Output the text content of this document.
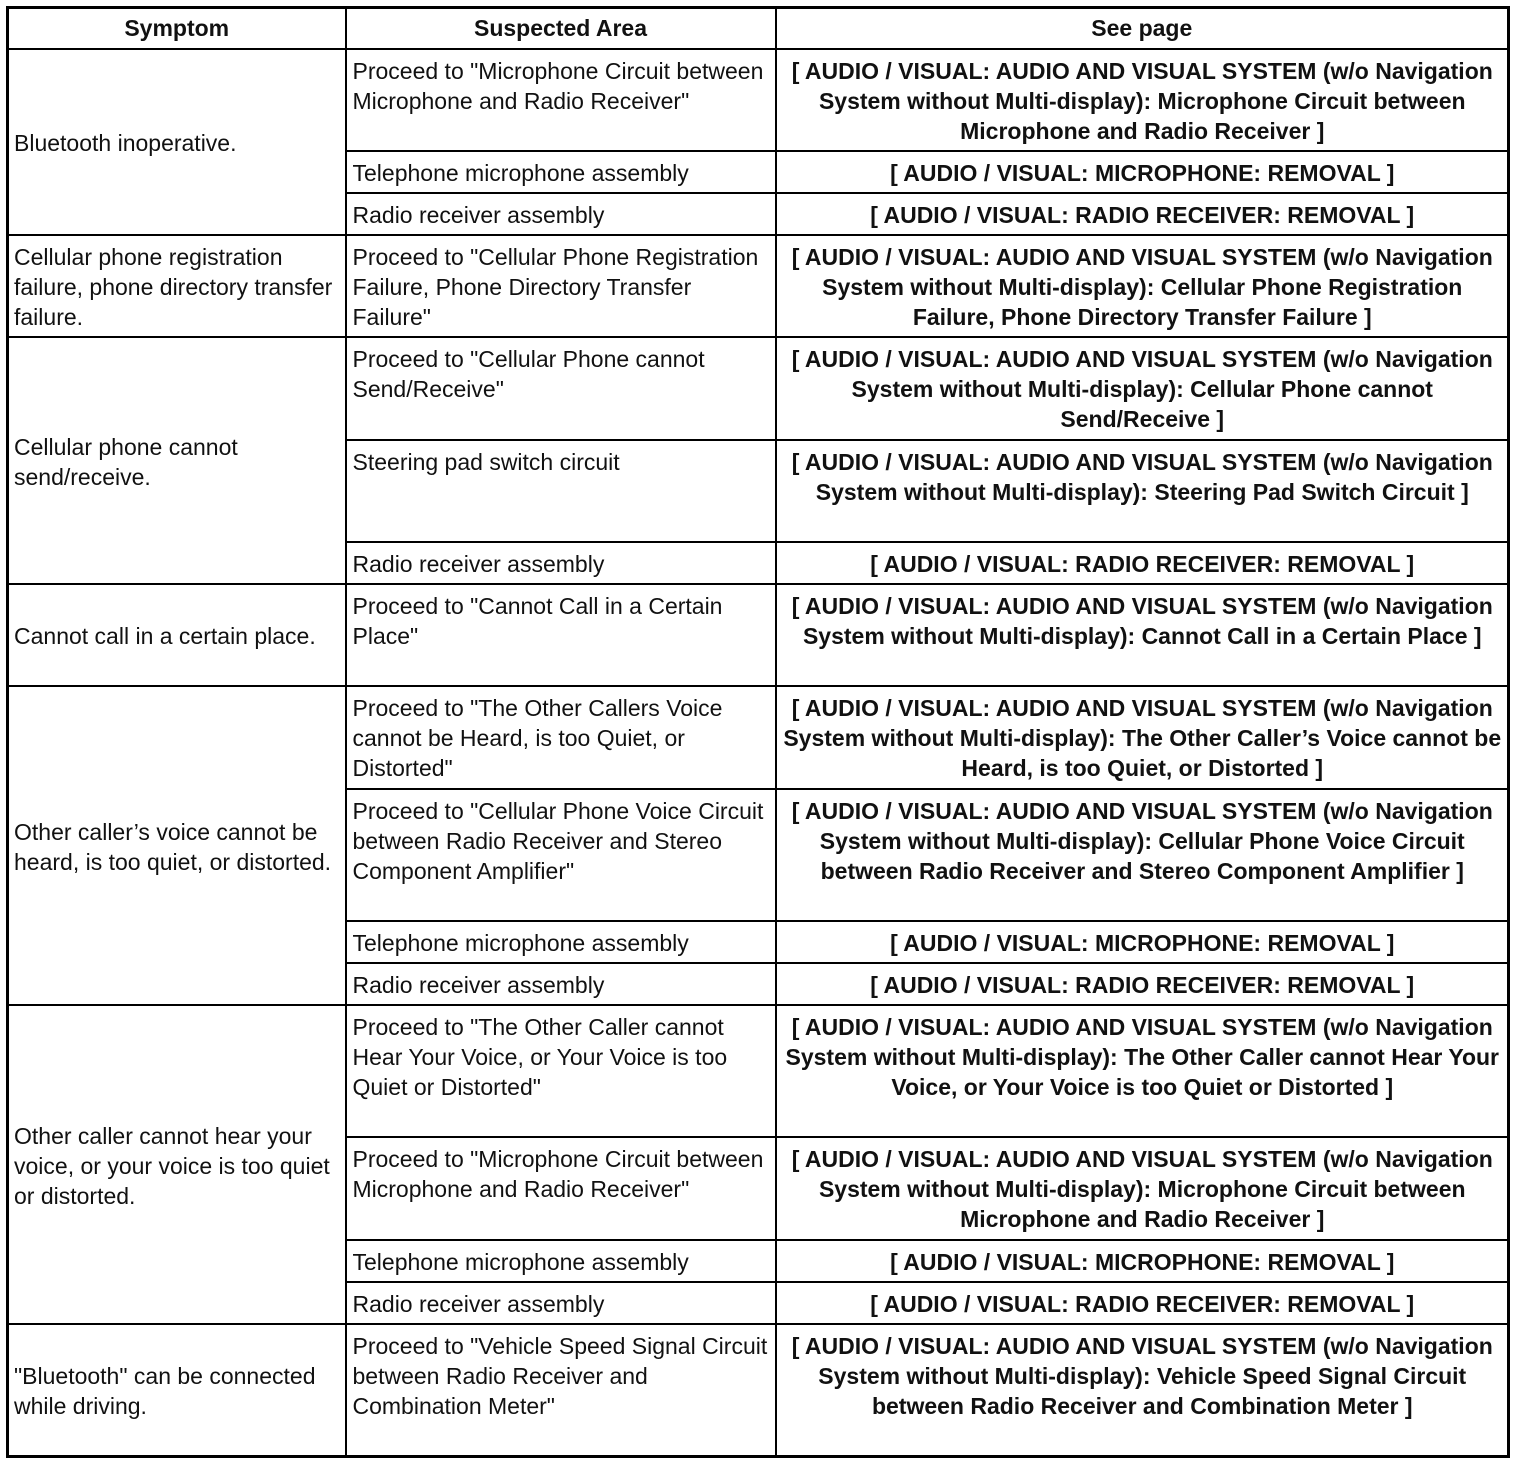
Symptom	Suspected Area	See page
Bluetooth inoperative.	Proceed to "Microphone Circuit between Microphone and Radio Receiver"	[ AUDIO / VISUAL: AUDIO AND VISUAL SYSTEM (w/o Navigation System without Multi-display): Microphone Circuit between Microphone and Radio Receiver ]
	Telephone microphone assembly	[ AUDIO / VISUAL: MICROPHONE: REMOVAL ]
	Radio receiver assembly	[ AUDIO / VISUAL: RADIO RECEIVER: REMOVAL ]
Cellular phone registration failure, phone directory transfer failure.	Proceed to "Cellular Phone Registration Failure, Phone Directory Transfer Failure"	[ AUDIO / VISUAL: AUDIO AND VISUAL SYSTEM (w/o Navigation System without Multi-display): Cellular Phone Registration Failure, Phone Directory Transfer Failure ]
Cellular phone cannot send/receive.	Proceed to "Cellular Phone cannot Send/Receive"	[ AUDIO / VISUAL: AUDIO AND VISUAL SYSTEM (w/o Navigation System without Multi-display): Cellular Phone cannot Send/Receive ]
	Steering pad switch circuit	[ AUDIO / VISUAL: AUDIO AND VISUAL SYSTEM (w/o Navigation System without Multi-display): Steering Pad Switch Circuit ]
	Radio receiver assembly	[ AUDIO / VISUAL: RADIO RECEIVER: REMOVAL ]
Cannot call in a certain place.	Proceed to "Cannot Call in a Certain Place"	[ AUDIO / VISUAL: AUDIO AND VISUAL SYSTEM (w/o Navigation System without Multi-display): Cannot Call in a Certain Place ]
Other caller’s voice cannot be heard, is too quiet, or distorted.	Proceed to "The Other Callers Voice cannot be Heard, is too Quiet, or Distorted"	[ AUDIO / VISUAL: AUDIO AND VISUAL SYSTEM (w/o Navigation System without Multi-display): The Other Caller’s Voice cannot be Heard, is too Quiet, or Distorted ]
	Proceed to "Cellular Phone Voice Circuit between Radio Receiver and Stereo Component Amplifier"	[ AUDIO / VISUAL: AUDIO AND VISUAL SYSTEM (w/o Navigation System without Multi-display): Cellular Phone Voice Circuit between Radio Receiver and Stereo Component Amplifier ]
	Telephone microphone assembly	[ AUDIO / VISUAL: MICROPHONE: REMOVAL ]
	Radio receiver assembly	[ AUDIO / VISUAL: RADIO RECEIVER: REMOVAL ]
Other caller cannot hear your voice, or your voice is too quiet or distorted.	Proceed to "The Other Caller cannot Hear Your Voice, or Your Voice is too Quiet or Distorted"	[ AUDIO / VISUAL: AUDIO AND VISUAL SYSTEM (w/o Navigation System without Multi-display): The Other Caller cannot Hear Your Voice, or Your Voice is too Quiet or Distorted ]
	Proceed to "Microphone Circuit between Microphone and Radio Receiver"	[ AUDIO / VISUAL: AUDIO AND VISUAL SYSTEM (w/o Navigation System without Multi-display): Microphone Circuit between Microphone and Radio Receiver ]
	Telephone microphone assembly	[ AUDIO / VISUAL: MICROPHONE: REMOVAL ]
	Radio receiver assembly	[ AUDIO / VISUAL: RADIO RECEIVER: REMOVAL ]
"Bluetooth" can be connected while driving.	Proceed to "Vehicle Speed Signal Circuit between Radio Receiver and Combination Meter"	[ AUDIO / VISUAL: AUDIO AND VISUAL SYSTEM (w/o Navigation System without Multi-display): Vehicle Speed Signal Circuit between Radio Receiver and Combination Meter ]
